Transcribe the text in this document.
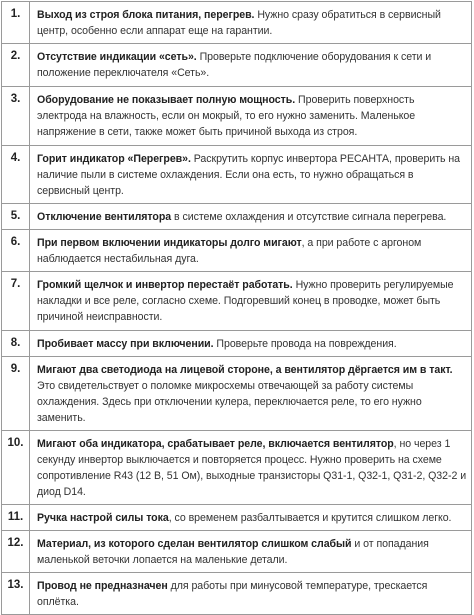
1.	Выход из строя блока питания, перегрев. Нужно сразу обратиться в сервисный центр, особенно если аппарат еще на гарантии.
2.	Отсутствие индикации «сеть». Проверьте подключение оборудования к сети и положение переключателя «Сеть».
3.	Оборудование не показывает полную мощность. Проверить поверхность электрода на влажность, если он мокрый, то его нужно заменить. Маленькое напряжение в сети, также может быть причиной выхода из строя.
4.	Горит индикатор «Перегрев». Раскрутить корпус инвертора РЕСАНТА, проверить на наличие пыли в системе охлаждения. Если она есть, то нужно обращаться в сервисный центр.
5.	Отключение вентилятора в системе охлаждения и отсутствие сигнала перегрева.
6.	При первом включении индикаторы долго мигают, а при работе с аргоном наблюдается нестабильная дуга.
7.	Громкий щелчок и инвертор перестаёт работать. Нужно проверить регулируемые накладки и все реле, согласно схеме. Подгоревший конец в проводке, может быть причиной неисправности.
8.	Пробивает массу при включении. Проверьте провода на повреждения.
9.	Мигают два светодиода на лицевой стороне, а вентилятор дёргается им в такт. Это свидетельствует о поломке микросхемы отвечающей за работу системы охлаждения. Здесь при отключении кулера, переключается реле, то его нужно заменить.
10.	Мигают оба индикатора, срабатывает реле, включается вентилятор, но через 1 секунду инвертор выключается и повторяется процесс. Нужно проверить на схеме сопротивление R43 (12 В, 51 Ом), выходные транзисторы Q31-1, Q32-1, Q31-2, Q32-2 и диод D14.
11.	Ручка настрой силы тока, со временем разбалтывается и крутится слишком легко.
12.	Материал, из которого сделан вентилятор слишком слабый и от попадания маленькой веточки лопается на маленькие детали.
13.	Провод не предназначен для работы при минусовой температуре, трескается оплётка.
